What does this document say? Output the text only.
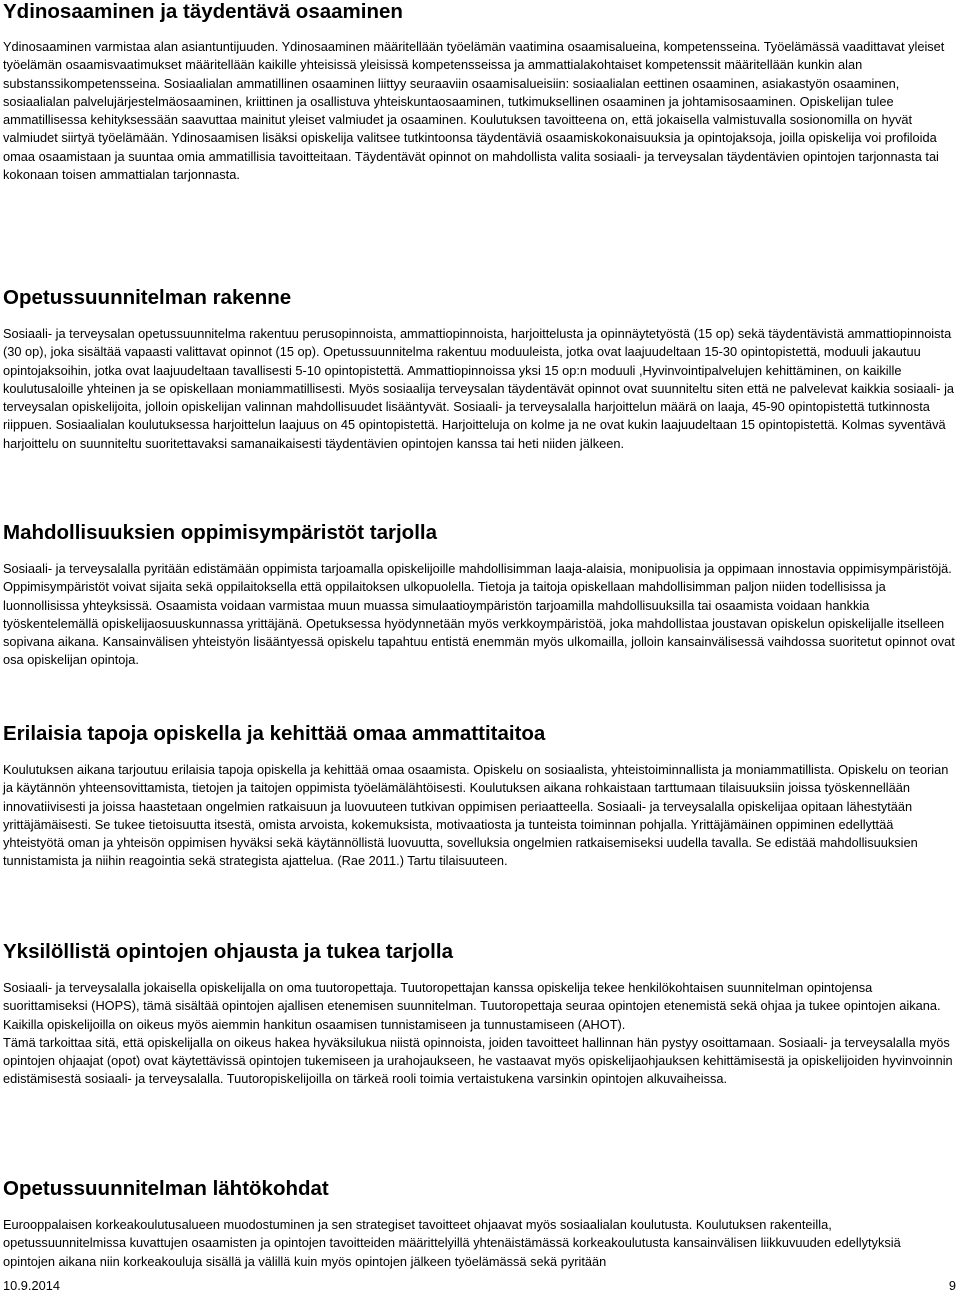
Ydinosaaminen ja täydentävä osaaminen

Ydinosaaminen varmistaa alan asiantuntijuuden. Ydinosaaminen määritellään työelämän vaatimina osaamisalueina, kompetensseina. Työelämässä vaadittavat yleiset työelämän osaamisvaatimukset määritellään kaikille yhteisissä yleisissä kompetensseissa ja ammattialakohtaiset kompetenssit määritellään kunkin alan substanssikompetensseina. Sosiaalialan ammatillinen osaaminen liittyy seuraaviin osaamisalueisiin: sosiaalialan eettinen osaaminen, asiakastyön osaaminen, sosiaalialan palvelujärjestelmäosaaminen, kriittinen ja osallistuva yhteiskuntaosaaminen, tutkimuksellinen osaaminen ja johtamisosaaminen. Opiskelijan tulee ammatillisessa kehityksessään saavuttaa mainitut yleiset valmiudet ja osaaminen. Koulutuksen tavoitteena on, että jokaisella valmistuvalla sosionomilla on hyvät valmiudet siirtyä työelämään. Ydinosaamisen lisäksi opiskelija valitsee tutkintoonsa täydentäviä osaamiskokonaisuuksia ja opintojaksoja, joilla opiskelija voi profiloida omaa osaamistaan ja suuntaa omia ammatillisia tavoitteitaan. Täydentävät opinnot on mahdollista valita sosiaali- ja terveysalan täydentävien opintojen tarjonnasta tai kokonaan toisen ammattialan tarjonnasta.

Opetussuunnitelman rakenne

Sosiaali- ja terveysalan opetussuunnitelma rakentuu perusopinnoista, ammattiopinnoista, harjoittelusta ja opinnäytetyöstä (15 op) sekä täydentävistä ammattiopinnoista (30 op), joka sisältää vapaasti valittavat opinnot (15 op). Opetussuunnitelma rakentuu moduuleista, jotka ovat laajuudeltaan 15-30 opintopistettä, moduuli jakautuu opintojaksoihin, jotka ovat laajuudeltaan tavallisesti 5-10 opintopistettä. Ammattiopinnoissa yksi 15 op:n moduuli ,Hyvinvointipalvelujen kehittäminen, on kaikille koulutusaloille yhteinen ja se opiskellaan moniammatillisesti. Myös sosiaalija terveysalan täydentävät opinnot ovat suunniteltu siten että ne palvelevat kaikkia sosiaali- ja terveysalan opiskelijoita, jolloin opiskelijan valinnan mahdollisuudet lisääntyvät. Sosiaali- ja terveysalalla harjoittelun määrä on laaja, 45-90 opintopistettä tutkinnosta riippuen. Sosiaalialan koulutuksessa harjoittelun laajuus on 45 opintopistettä. Harjoitteluja on kolme ja ne ovat kukin laajuudeltaan 15 opintopistettä. Kolmas syventävä harjoittelu on suunniteltu suoritettavaksi samanaikaisesti täydentävien opintojen kanssa tai heti niiden jälkeen.

Mahdollisuuksien oppimisympäristöt tarjolla

Sosiaali- ja terveysalalla pyritään edistämään oppimista tarjoamalla opiskelijoille mahdollisimman laaja-alaisia, monipuolisia ja oppimaan innostavia oppimisympäristöjä. Oppimisympäristöt voivat sijaita sekä oppilaitoksella että oppilaitoksen ulkopuolella. Tietoja ja taitoja opiskellaan mahdollisimman paljon niiden todellisissa ja luonnollisissa yhteyksissä. Osaamista voidaan varmistaa muun muassa simulaatioympäristön tarjoamilla mahdollisuuksilla tai osaamista voidaan hankkia työskentelemällä opiskelijaosuuskunnassa yrittäjänä. Opetuksessa hyödynnetään myös verkkoympäristöä, joka mahdollistaa joustavan opiskelun opiskelijalle itselleen sopivana aikana. Kansainvälisen yhteistyön lisääntyessä opiskelu tapahtuu entistä enemmän myös ulkomailla, jolloin kansainvälisessä vaihdossa suoritetut opinnot ovat osa opiskelijan opintoja.

Erilaisia tapoja opiskella ja kehittää omaa ammattitaitoa

Koulutuksen aikana tarjoutuu erilaisia tapoja opiskella ja kehittää omaa osaamista. Opiskelu on sosiaalista, yhteistoiminnallista ja moniammatillista. Opiskelu on teorian ja käytännön yhteensovittamista, tietojen ja taitojen oppimista työelämälähtöisesti. Koulutuksen aikana rohkaistaan tarttumaan tilaisuuksiin joissa työskennellään innovatiivisesti ja joissa haastetaan ongelmien ratkaisuun ja luovuuteen tutkivan oppimisen periaatteella. Sosiaali- ja terveysalalla opiskelijaa opitaan lähestytään yrittäjämäisesti. Se tukee tietoisuutta itsestä, omista arvoista, kokemuksista, motivaatiosta ja tunteista toiminnan pohjalla. Yrittäjämäinen oppiminen edellyttää yhteistyötä oman ja yhteisön oppimisen hyväksi sekä käytännöllistä luovuutta, sovelluksia ongelmien ratkaisemiseksi uudella tavalla. Se edistää mahdollisuuksien tunnistamista ja niihin reagointia sekä strategista ajattelua. (Rae 2011.) Tartu tilaisuuteen.

Yksilöllistä opintojen ohjausta ja tukea tarjolla

Sosiaali- ja terveysalalla jokaisella opiskelijalla on oma tuutoropettaja. Tuutoropettajan kanssa opiskelija tekee henkilökohtaisen suunnitelman opintojensa suorittamiseksi (HOPS), tämä sisältää opintojen ajallisen etenemisen suunnitelman. Tuutoropettaja seuraa opintojen etenemistä sekä ohjaa ja tukee opintojen aikana. Kaikilla opiskelijoilla on oikeus myös aiemmin hankitun osaamisen tunnistamiseen ja tunnustamiseen (AHOT).
Tämä tarkoittaa sitä, että opiskelijalla on oikeus hakea hyväksilukua niistä opinnoista, joiden tavoitteet hallinnan hän pystyy osoittamaan. Sosiaali- ja terveysalalla myös opintojen ohjaajat (opot) ovat käytettävissä opintojen tukemiseen ja urahojaukseen, he vastaavat myös opiskelijaohjauksen kehittämisestä ja opiskelijoiden hyvinvoinnin edistämisestä sosiaali- ja terveysalalla. Tuutoropiskelijoilla on tärkeä rooli toimia vertaistukena varsinkin opintojen alkuvaiheissa.

Opetussuunnitelman lähtökohdat

Eurooppalaisen korkeakoulutusalueen muodostuminen ja sen strategiset tavoitteet ohjaavat myös sosiaalialan koulutusta. Koulutuksen rakenteilla, opetussuunnitelmissa kuvattujen osaamisten ja opintojen tavoitteiden määrittelyillä yhtenäistämässä korkeakoulutusta kansainvälisen liikkuvuuden edellytyksiä opintojen aikana niin korkeakouluja sisällä ja välillä kuin myös opintojen jälkeen työelämässä sekä pyritään

10.9.2014	9
